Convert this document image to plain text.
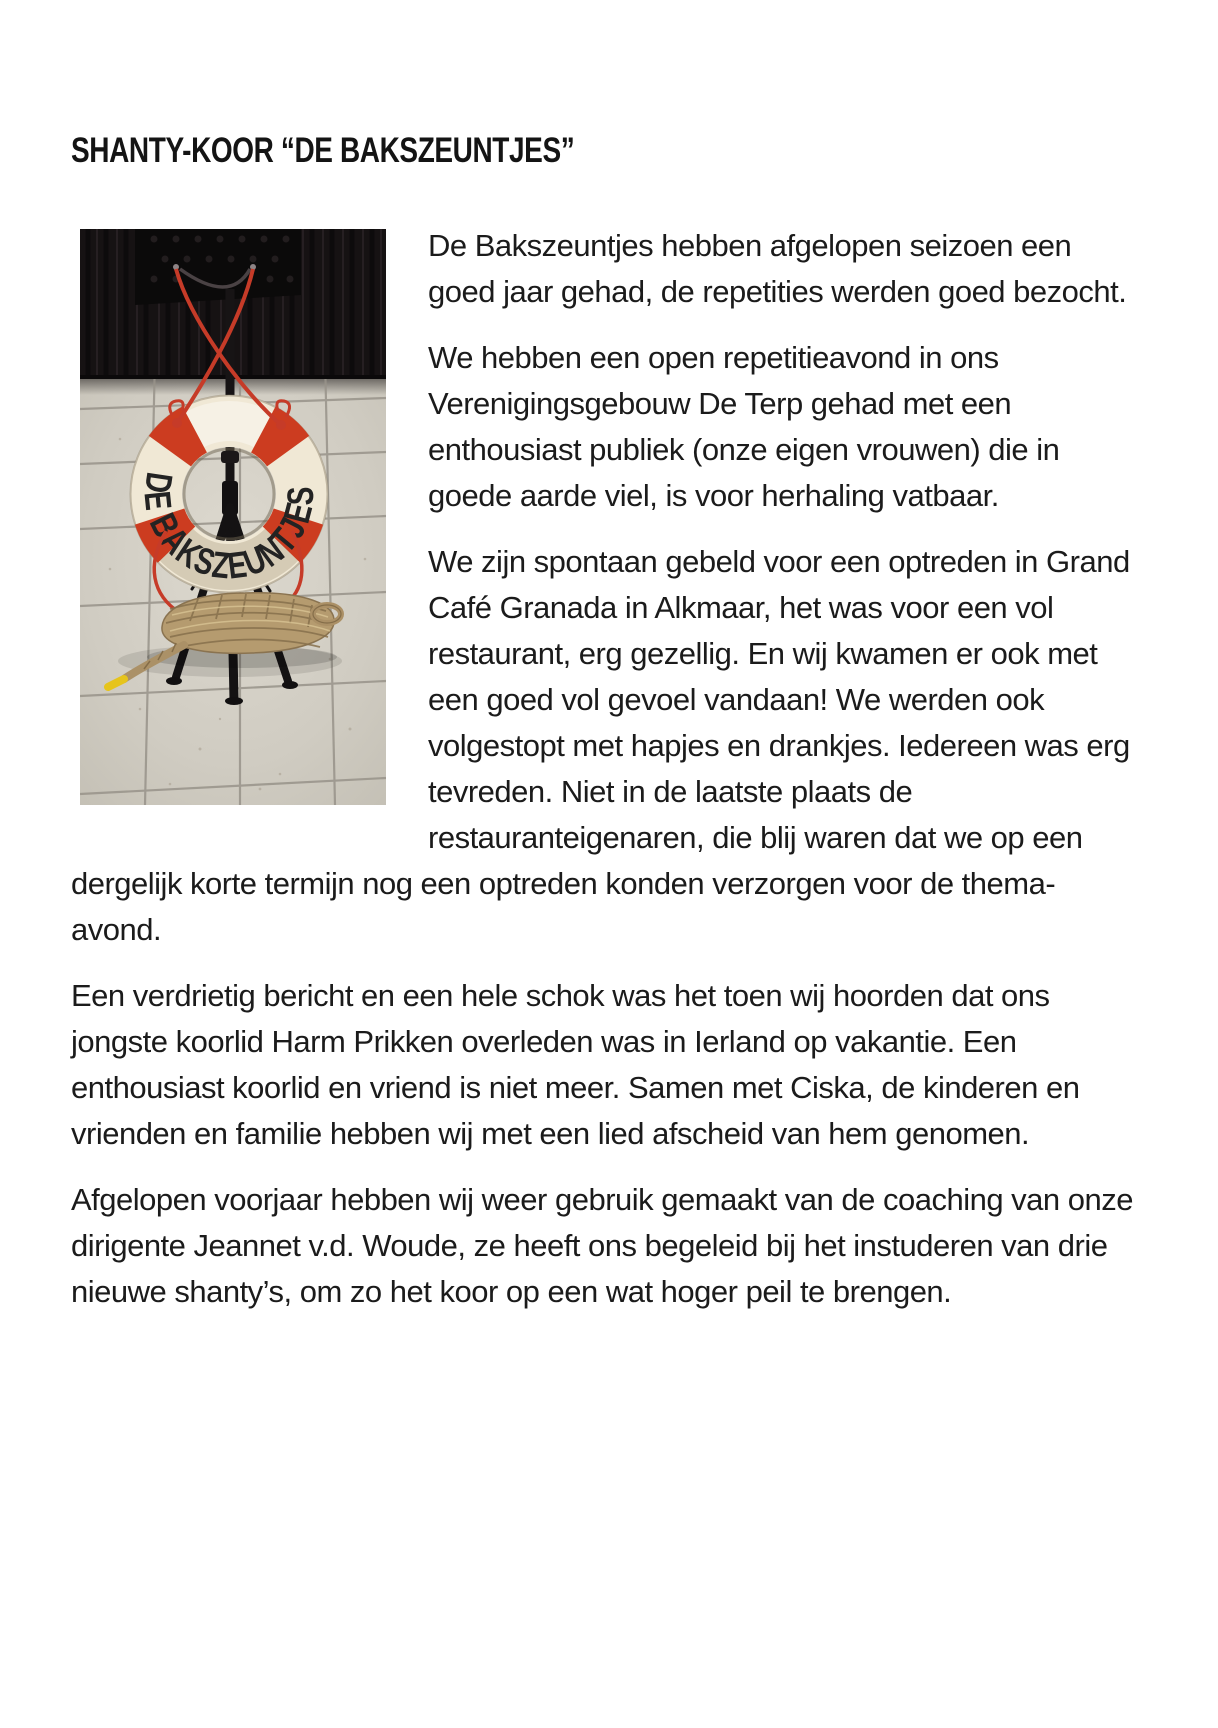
SHANTY-KOOR “DE BAKSZEUNTJES”
DE BAKSZEUNTJES

De Bakszeuntjes hebben afgelopen seizoen een goed jaar gehad, de repetities werden goed bezocht.

We hebben een open repetitieavond in ons Verenigingsgebouw De Terp gehad met een enthousiast publiek (onze eigen vrouwen) die in goede aarde viel, is voor herhaling vatbaar.

We zijn spontaan gebeld voor een optreden in Grand Café Granada in Alkmaar, het was voor een vol restaurant, erg gezellig. En wij kwamen er ook met een goed vol gevoel vandaan! We werden ook volgestopt met hapjes en drankjes. Iedereen was erg tevreden. Niet in de laatste plaats de restauranteigenaren, die blij waren dat we op een dergelijk korte termijn nog een optreden konden verzorgen voor de thema-avond.

Een verdrietig bericht en een hele schok was het toen wij hoorden dat ons jongste koorlid Harm Prikken overleden was in Ierland op vakantie. Een enthousiast koorlid en vriend is niet meer. Samen met Ciska, de kinderen en vrienden en familie hebben wij met een lied afscheid van hem genomen.

Afgelopen voorjaar hebben wij weer gebruik gemaakt van de coaching van onze dirigente Jeannet v.d. Woude, ze heeft ons begeleid bij het instuderen van drie nieuwe shanty’s, om zo het koor op een wat hoger peil te brengen.
